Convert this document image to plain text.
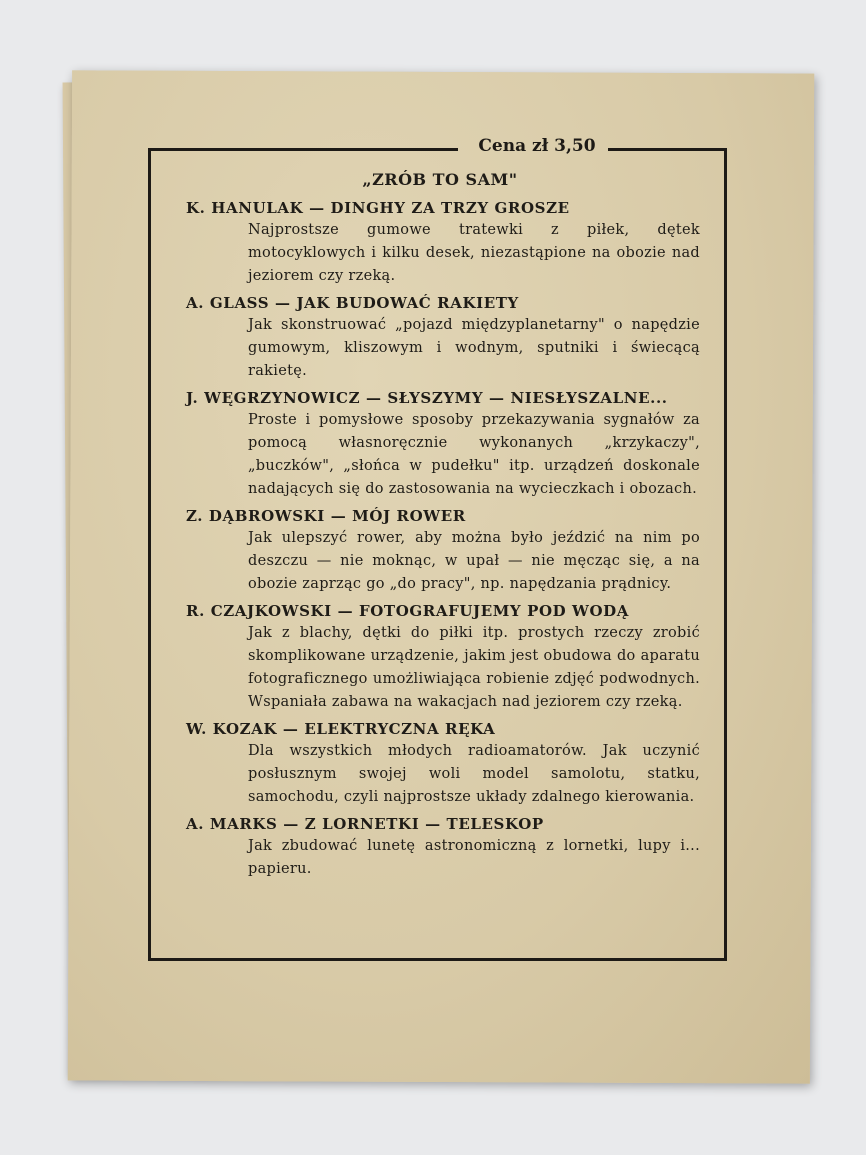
Cena zł 3,50
„ZRÓB TO SAM"
K. HANULAK — DINGHY ZA TRZY GROSZE
Najprostsze gumowe tratewki z piłek, dętek motocyklowych i kilku desek, niezastąpione na obozie nad jeziorem czy rzeką.
A. GLASS — JAK BUDOWAĆ RAKIETY
Jak skonstruować „pojazd międzyplanetarny" o napędzie gumowym, kliszowym i wodnym, sputniki i świecącą rakietę.
J. WĘGRZYNOWICZ — SŁYSZYMY — NIESŁYSZALNE...
Proste i pomysłowe sposoby przekazywania sygnałów za pomocą własnoręcznie wykonanych „krzykaczy", „buczków", „słońca w pudełku" itp. urządzeń doskonale nadających się do zastosowania na wycieczkach i obozach.
Z. DĄBROWSKI — MÓJ ROWER
Jak ulepszyć rower, aby można było jeździć na nim po deszczu — nie moknąc, w upał — nie męcząc się, a na obozie zaprząc go „do pracy", np. napędzania prądnicy.
R. CZAJKOWSKI — FOTOGRAFUJEMY POD WODĄ
Jak z blachy, dętki do piłki itp. prostych rzeczy zrobić skomplikowane urządzenie, jakim jest obudowa do aparatu fotograficznego umożliwiająca robienie zdjęć podwodnych. Wspaniała zabawa na wakacjach nad jeziorem czy rzeką.
W. KOZAK — ELEKTRYCZNA RĘKA
Dla wszystkich młodych radioamatorów. Jak uczynić posłusznym swojej woli model samolotu, statku, samochodu, czyli najprostsze układy zdalnego kierowania.
A. MARKS — Z LORNETKI — TELESKOP
Jak zbudować lunetę astronomiczną z lornetki, lupy i... papieru.
